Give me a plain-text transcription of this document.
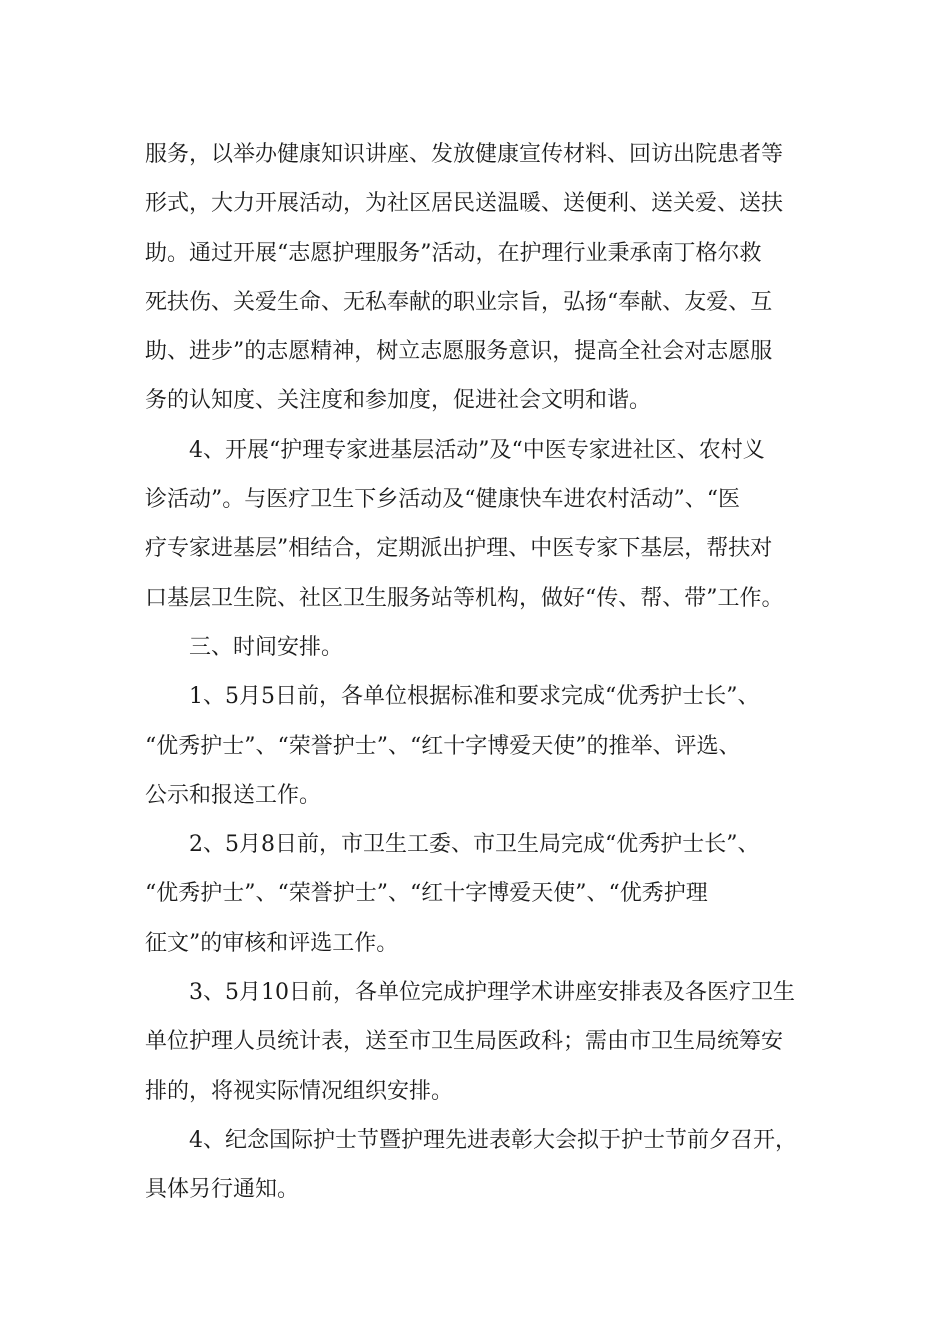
服务，以举办健康知识讲座、发放健康宣传材料、回访出院患者等
形式，大力开展活动，为社区居民送温暖、送便利、送关爱、送扶
助。通过开展“志愿护理服务”活动，在护理行业秉承南丁格尔救
死扶伤、关爱生命、无私奉献的职业宗旨，弘扬“奉献、友爱、互
助、进步”的志愿精神，树立志愿服务意识，提高全社会对志愿服
务的认知度、关注度和参加度，促进社会文明和谐。
4、开展“护理专家进基层活动”及“中医专家进社区、农村义
诊活动”。与医疗卫生下乡活动及“健康快车进农村活动”、“医
疗专家进基层”相结合，定期派出护理、中医专家下基层，帮扶对
口基层卫生院、社区卫生服务站等机构，做好“传、帮、带”工作。
三、时间安排。
1、5月5日前，各单位根据标准和要求完成“优秀护士长”、
“优秀护士”、“荣誉护士”、“红十字博爱天使”的推举、评选、
公示和报送工作。
2、5月8日前，市卫生工委、市卫生局完成“优秀护士长”、
“优秀护士”、“荣誉护士”、“红十字博爱天使”、“优秀护理
征文”的审核和评选工作。
3、5月10日前，各单位完成护理学术讲座安排表及各医疗卫生
单位护理人员统计表，送至市卫生局医政科；需由市卫生局统筹安
排的，将视实际情况组织安排。
4、纪念国际护士节暨护理先进表彰大会拟于护士节前夕召开，
具体另行通知。
